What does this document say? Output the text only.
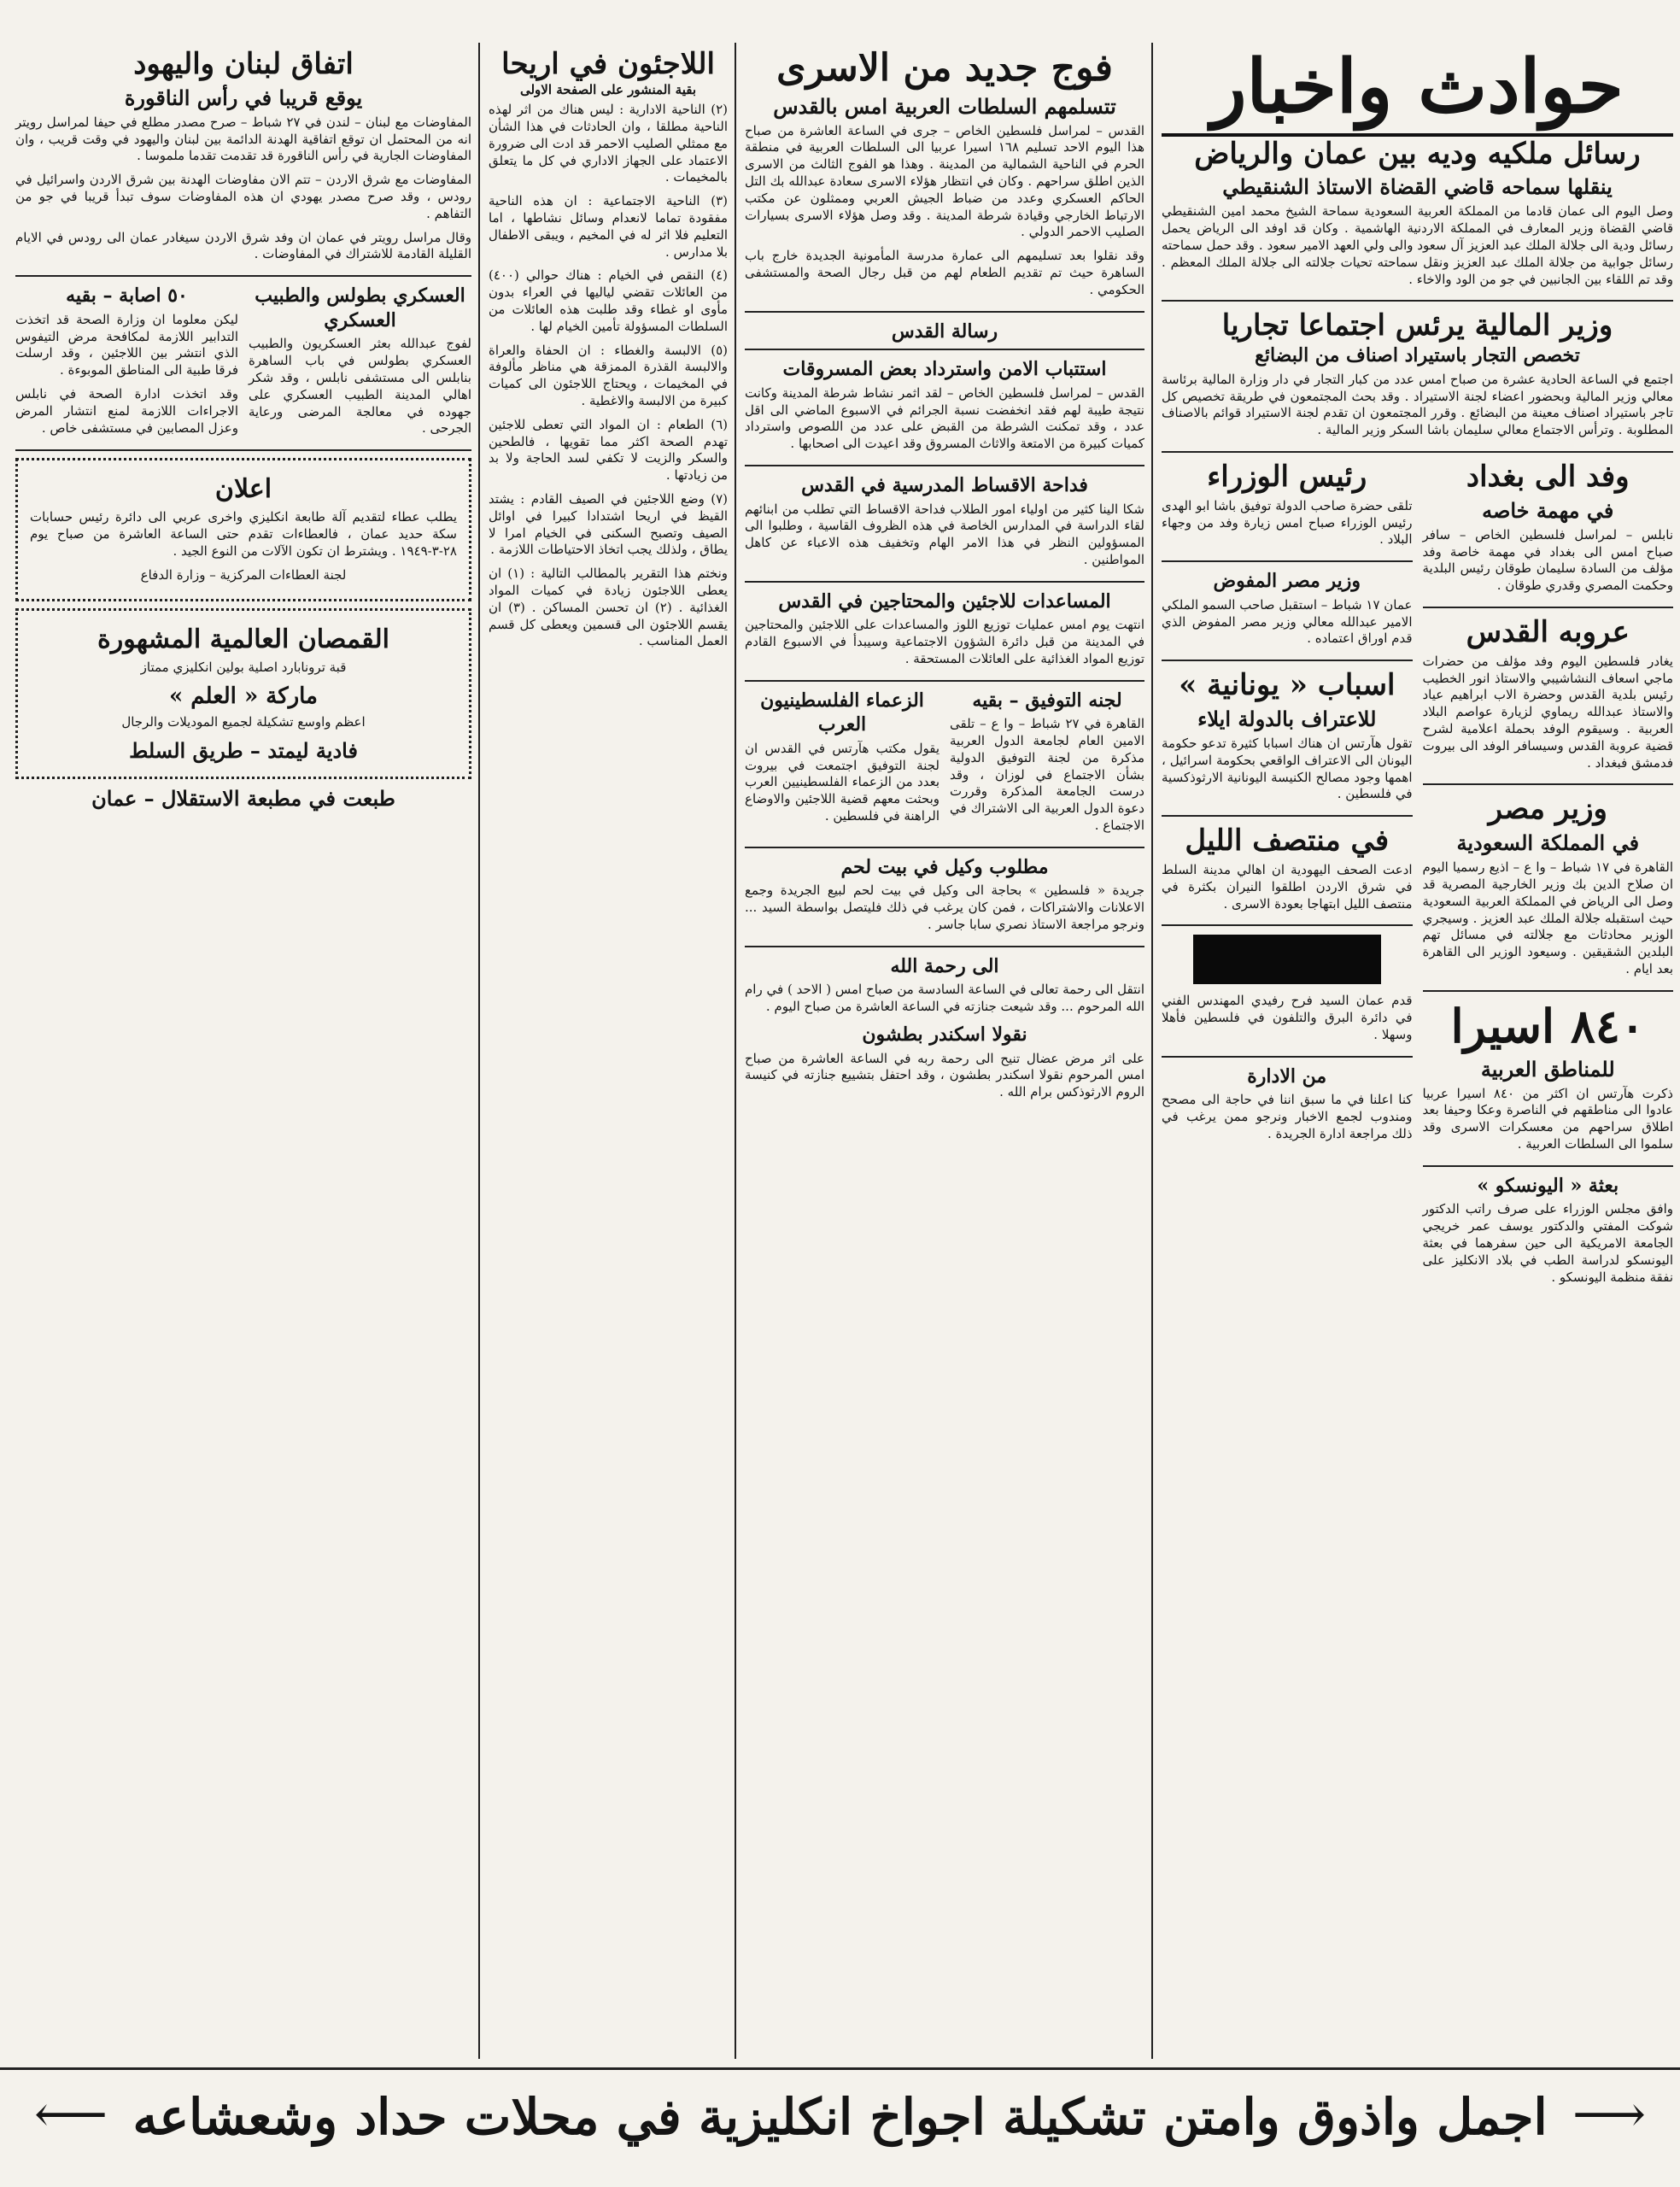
حوادث واخبار
رسائل ملكيه وديه بين عمان والرياض
ينقلها سماحه قاضي القضاة الاستاذ الشنقيطي

وصل اليوم الى عمان قادما من المملكة العربية السعودية سماحة الشيخ محمد امين الشنقيطي قاضي القضاة وزير المعارف في المملكة الاردنية الهاشمية . وكان قد اوفد الى الرياض يحمل رسائل ودية الى جلالة الملك عبد العزيز آل سعود والى ولي العهد الامير سعود . وقد حمل سماحته رسائل جوابية من جلالة الملك عبد العزيز ونقل سماحته تحيات جلالته الى جلالة الملك المعظم . وقد تم اللقاء بين الجانبين في جو من الود والاخاء .

وزير المالية يرئس اجتماعا تجاريا
تخصص التجار باستيراد اصناف من البضائع

اجتمع في الساعة الحادية عشرة من صباح امس عدد من كبار التجار في دار وزارة المالية برئاسة معالي وزير المالية وبحضور اعضاء لجنة الاستيراد . وقد بحث المجتمعون في طريقة تخصيص كل تاجر باستيراد اصناف معينة من البضائع . وقرر المجتمعون ان تقدم لجنة الاستيراد قوائم بالاصناف المطلوبة . وترأس الاجتماع معالي سليمان باشا السكر وزير المالية .

وفد الى بغداد
في مهمة خاصه

نابلس – لمراسل فلسطين الخاص – سافر صباح امس الى بغداد في مهمة خاصة وفد مؤلف من السادة سليمان طوقان رئيس البلدية وحكمت المصري وقدري طوقان .

عروبه القدس

يغادر فلسطين اليوم وفد مؤلف من حضرات ماجي اسعاف النشاشيبي والاستاذ انور الخطيب رئيس بلدية القدس وحضرة الاب ابراهيم عياد والاستاذ عبدالله ريماوي لزيارة عواصم البلاد العربية . وسيقوم الوفد بحملة اعلامية لشرح قضية عروبة القدس وسيسافر الوفد الى بيروت فدمشق فبغداد .

وزير مصر
في المملكة السعودية

القاهرة في ١٧ شباط – وا ع – اذيع رسميا اليوم ان صلاح الدين بك وزير الخارجية المصرية قد وصل الى الرياض في المملكة العربية السعودية حيث استقبله جلالة الملك عبد العزيز . وسيجري الوزير محادثات مع جلالته في مسائل تهم البلدين الشقيقين . وسيعود الوزير الى القاهرة بعد ايام .

٨٤٠ اسيرا
للمناطق العربية

ذكرت هآرتس ان اكثر من ٨٤٠ اسيرا عربيا عادوا الى مناطقهم في الناصرة وعكا وحيفا بعد اطلاق سراحهم من معسكرات الاسرى وقد سلموا الى السلطات العربية .

بعثة « اليونسكو »

وافق مجلس الوزراء على صرف راتب الدكتور شوكت المفتي والدكتور يوسف عمر خريجي الجامعة الامريكية الى حين سفرهما في بعثة اليونسكو لدراسة الطب في بلاد الانكليز على نفقة منظمة اليونسكو .

رئيس الوزراء

تلقى حضرة صاحب الدولة توفيق باشا ابو الهدى رئيس الوزراء صباح امس زيارة وفد من وجهاء البلاد .

وزير مصر المفوض

عمان ١٧ شباط – استقبل صاحب السمو الملكي الامير عبدالله معالي وزير مصر المفوض الذي قدم اوراق اعتماده .

اسباب « يونانية »
للاعتراف بالدولة ايلاء

تقول هآرتس ان هناك اسبابا كثيرة تدعو حكومة اليونان الى الاعتراف الواقعي بحكومة اسرائيل ، اهمها وجود مصالح الكنيسة اليونانية الارثوذكسية في فلسطين .

في منتصف الليل

ادعت الصحف اليهودية ان اهالي مدينة السلط في شرق الاردن اطلقوا النيران بكثرة في منتصف الليل ابتهاجا بعودة الاسرى .

قدم عمان السيد فرح رفيدي المهندس الفني في دائرة البرق والتلفون في فلسطين فأهلا وسهلا .

من الادارة

كنا اعلنا في ما سبق اننا في حاجة الى مصحح ومندوب لجمع الاخبار ونرجو ممن يرغب في ذلك مراجعة ادارة الجريدة .

فوج جديد من الاسرى
تتسلمهم السلطات العربية امس بالقدس

القدس – لمراسل فلسطين الخاص – جرى في الساعة العاشرة من صباح هذا اليوم الاحد تسليم ١٦٨ اسيرا عربيا الى السلطات العربية في منطقة الحرم في الناحية الشمالية من المدينة . وهذا هو الفوج الثالث من الاسرى الذين اطلق سراحهم . وكان في انتظار هؤلاء الاسرى سعادة عبدالله بك التل الحاكم العسكري وعدد من ضباط الجيش العربي وممثلون عن مكتب الارتباط الخارجي وقيادة شرطة المدينة . وقد وصل هؤلاء الاسرى بسيارات الصليب الاحمر الدولي .

وقد نقلوا بعد تسليمهم الى عمارة مدرسة المأمونية الجديدة خارج باب الساهرة حيث تم تقديم الطعام لهم من قبل رجال الصحة والمستشفى الحكومي .

رسالة القدس
استتباب الامن واسترداد بعض المسروقات

القدس – لمراسل فلسطين الخاص – لقد اثمر نشاط شرطة المدينة وكانت نتيجة طيبة لهم فقد انخفضت نسبة الجرائم في الاسبوع الماضي الى اقل عدد ، وقد تمكنت الشرطة من القبض على عدد من اللصوص واسترداد كميات كبيرة من الامتعة والاثاث المسروق وقد اعيدت الى اصحابها .

فداحة الاقساط المدرسية في القدس

شكا الينا كثير من اولياء امور الطلاب فداحة الاقساط التي تطلب من ابنائهم لقاء الدراسة في المدارس الخاصة في هذه الظروف القاسية ، وطلبوا الى المسؤولين النظر في هذا الامر الهام وتخفيف هذه الاعباء عن كاهل المواطنين .

المساعدات للاجئين والمحتاجين في القدس

انتهت يوم امس عمليات توزيع اللوز والمساعدات على اللاجئين والمحتاجين في المدينة من قبل دائرة الشؤون الاجتماعية وسيبدأ في الاسبوع القادم توزيع المواد الغذائية على العائلات المستحقة .

لجنه التوفيق – بقيه

القاهرة في ٢٧ شباط – وا ع – تلقى الامين العام لجامعة الدول العربية مذكرة من لجنة التوفيق الدولية بشأن الاجتماع في لوزان ، وقد درست الجامعة المذكرة وقررت دعوة الدول العربية الى الاشتراك في الاجتماع .

الزعماء الفلسطينيون العرب

يقول مكتب هآرتس في القدس ان لجنة التوفيق اجتمعت في بيروت بعدد من الزعماء الفلسطينيين العرب وبحثت معهم قضية اللاجئين والاوضاع الراهنة في فلسطين .

مطلوب وكيل في بيت لحم

جريدة « فلسطين » بحاجة الى وكيل في بيت لحم لبيع الجريدة وجمع الاعلانات والاشتراكات ، فمن كان يرغب في ذلك فليتصل بواسطة السيد ... ونرجو مراجعة الاستاذ نصري سابا جاسر .

الى رحمة الله

انتقل الى رحمة تعالى في الساعة السادسة من صباح امس ( الاحد ) في رام الله المرحوم ... وقد شيعت جنازته في الساعة العاشرة من صباح اليوم .

نقولا اسكندر بطشون

على اثر مرض عضال تنيح الى رحمة ربه في الساعة العاشرة من صباح امس المرحوم نقولا اسكندر بطشون ، وقد احتفل بتشييع جنازته في كنيسة الروم الارثوذكس برام الله .

اللاجئون في اريحا
بقية المنشور على الصفحة الاولى

(٢) الناحية الادارية : ليس هناك من اثر لهذه الناحية مطلقا ، وان الحادثات في هذا الشأن مع ممثلي الصليب الاحمر قد ادت الى ضرورة الاعتماد على الجهاز الاداري في كل ما يتعلق بالمخيمات .

(٣) الناحية الاجتماعية : ان هذه الناحية مفقودة تماما لانعدام وسائل نشاطها ، اما التعليم فلا اثر له في المخيم ، ويبقى الاطفال بلا مدارس .

(٤) النقص في الخيام : هناك حوالي (٤٠٠) من العائلات تقضي لياليها في العراء بدون مأوى او غطاء وقد طلبت هذه العائلات من السلطات المسؤولة تأمين الخيام لها .

(٥) الالبسة والغطاء : ان الحفاة والعراة والالبسة القذرة الممزقة هي مناظر مألوفة في المخيمات ، ويحتاج اللاجئون الى كميات كبيرة من الالبسة والاغطية .

(٦) الطعام : ان المواد التي تعطى للاجئين تهدم الصحة اكثر مما تقويها ، فالطحين والسكر والزيت لا تكفي لسد الحاجة ولا بد من زيادتها .

(٧) وضع اللاجئين في الصيف القادم : يشتد القيظ في اريحا اشتدادا كبيرا في اوائل الصيف وتصبح السكنى في الخيام امرا لا يطاق ، ولذلك يجب اتخاذ الاحتياطات اللازمة .

ونختم هذا التقرير بالمطالب التالية : (١) ان يعطى اللاجئون زيادة في كميات المواد الغذائية . (٢) ان تحسن المساكن . (٣) ان يقسم اللاجئون الى قسمين ويعطى كل قسم العمل المناسب .

اتفاق لبنان واليهود
يوقع قريبا في رأس الناقورة

المفاوضات مع لبنان – لندن في ٢٧ شباط – صرح مصدر مطلع في حيفا لمراسل رويتر انه من المحتمل ان توقع اتفاقية الهدنة الدائمة بين لبنان واليهود في وقت قريب ، وان المفاوضات الجارية في رأس الناقورة قد تقدمت تقدما ملموسا .

المفاوضات مع شرق الاردن – تتم الان مفاوضات الهدنة بين شرق الاردن واسرائيل في رودس ، وقد صرح مصدر يهودي ان هذه المفاوضات سوف تبدأ قريبا في جو من التفاهم .

وقال مراسل رويتر في عمان ان وفد شرق الاردن سيغادر عمان الى رودس في الايام القليلة القادمة للاشتراك في المفاوضات .

العسكري بطولس والطبيب العسكري

لفوج عبدالله بعثر العسكريون والطبيب العسكري بطولس في باب الساهرة بنابلس الى مستشفى نابلس ، وقد شكر اهالي المدينة الطبيب العسكري على جهوده في معالجة المرضى ورعاية الجرحى .

٥٠ اصابة – بقيه

ليكن معلوما ان وزارة الصحة قد اتخذت التدابير اللازمة لمكافحة مرض التيفوس الذي انتشر بين اللاجئين ، وقد ارسلت فرقا طبية الى المناطق الموبوءة .

وقد اتخذت ادارة الصحة في نابلس الاجراءات اللازمة لمنع انتشار المرض وعزل المصابين في مستشفى خاص .

اعلان

يطلب عطاء لتقديم آلة طابعة انكليزي واخرى عربي الى دائرة رئيس حسابات سكة حديد عمان ، فالعطاءات تقدم حتى الساعة العاشرة من صباح يوم ٢٨-٣-١٩٤٩ . ويشترط ان تكون الآلات من النوع الجيد .

لجنة العطاءات المركزية – وزارة الدفاع

القمصان العالمية المشهورة

قبة ترونابارد اصلية بولين انكليزي ممتاز

ماركة « العلم »

اعظم واوسع تشكيلة لجميع الموديلات والرجال

فادية ليمتد – طريق السلط
طبعت في مطبعة الاستقلال – عمان
اجمل واذوق وامتن تشكيلة اجواخ انكليزية في محلات حداد وشعشاعه
⟵	⟶
